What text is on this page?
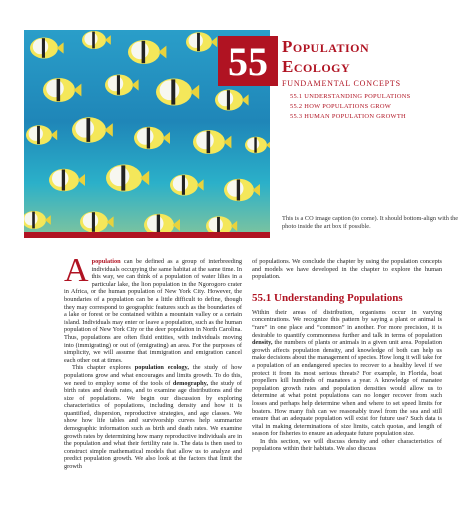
55 Population
Ecology
FUNDAMENTAL CONCEPTS
55.1 UNDERSTANDING POPULATIONS
55.2 HOW POPULATIONS GROW
55.3 HUMAN POPULATION GROWTH
This is a CO image caption (to come). It should bottom-align with the photo inside the art box if possible.

Apopulation can be defined as a group of interbreeding individuals occupying the same habitat at the same time. In this way, we can think of a population of water lilies in a particular lake, the lion population in the Ngorogoro crater in Africa, or the human population of New York City. However, the boundaries of a population can be a little difficult to define, though they may correspond to geographic features such as the boundaries of a lake or forest or be contained within a mountain valley or a certain island. Individuals may enter or leave a population, such as the human population of New York City or the deer population in North Carolina. Thus, populations are often fluid entities, with individuals moving into (immigrating) or out of (emigrating) an area. For the purposes of simplicity, we will assume that immigration and emigration cancel each other out at times.

This chapter explores population ecology, the study of how populations grow and what encourages and limits growth. To do this, we need to employ some of the tools of demography, the study of birth rates and death rates, and to examine age distributions and the size of populations. We begin our discussion by exploring characteristics of populations, including density and how it is quantified, dispersion, reproductive strategies, and age classes. We show how life tables and survivorship curves help summarize demographic information such as birth and death rates. We examine growth rates by determining how many reproductive individuals are in the population and what their fertility rate is. The data is then used to construct simple mathematical models that allow us to analyze and predict population growth. We also look at the factors that limit the growth

of populations. We conclude the chapter by using the population concepts and models we have developed in the chapter to explore the human population.

55.1 Understanding Populations

Within their areas of distribution, organisms occur in varying concentrations. We recognize this pattern by saying a plant or animal is “rare” in one place and “common” in another. For more precision, it is desirable to quantify commonness further and talk in terms of population density, the numbers of plants or animals in a given unit area. Population growth affects population density, and knowledge of both can help us make decisions about the management of species. How long it will take for a population of an endangered species to recover to a healthy level if we protect it from its most serious threats? For example, in Florida, boat propellers kill hundreds of manatees a year. A knowledge of manatee population growth rates and population densities would allow us to determine at what point populations can no longer recover from such losses and perhaps help determine when and where to set speed limits for boaters. How many fish can we reasonably trawl from the sea and still ensure that an adequate population will exist for future use? Such data is vital in making determinations of size limits, catch quotas, and length of season for fisheries to ensure an adequate future population size.

In this section, we will discuss density and other characteristics of populations within their habitats. We also discuss
